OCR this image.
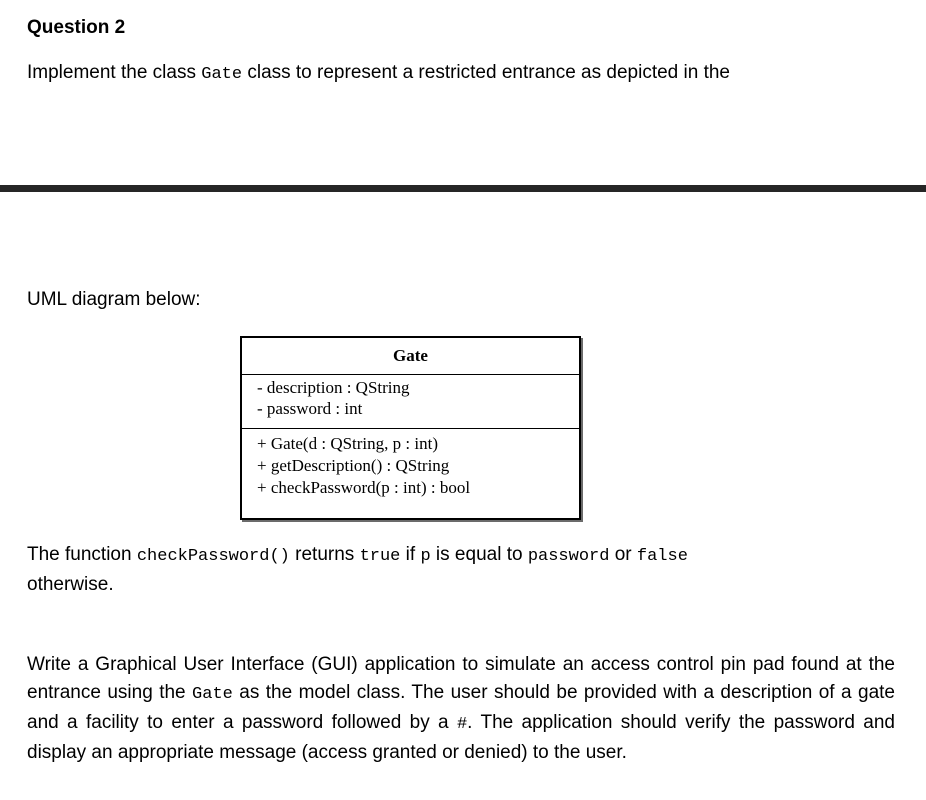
Question 2
Implement the class Gate class to represent a restricted entrance as depicted in the
UML diagram below:
Gate
- description : QString
- password : int
+ Gate(d : QString, p : int)
+ getDescription() : QString
+ checkPassword(p : int) : bool
The function checkPassword() returns true if p is equal to password or false
otherwise.
Write a Graphical User Interface (GUI) application to simulate an access control pin pad found at the entrance using the Gate as the model class. The user should be provided with a description of a gate and a facility to enter a password followed by a #. The application should verify the password and display an appropriate message (access granted or denied) to the user.
